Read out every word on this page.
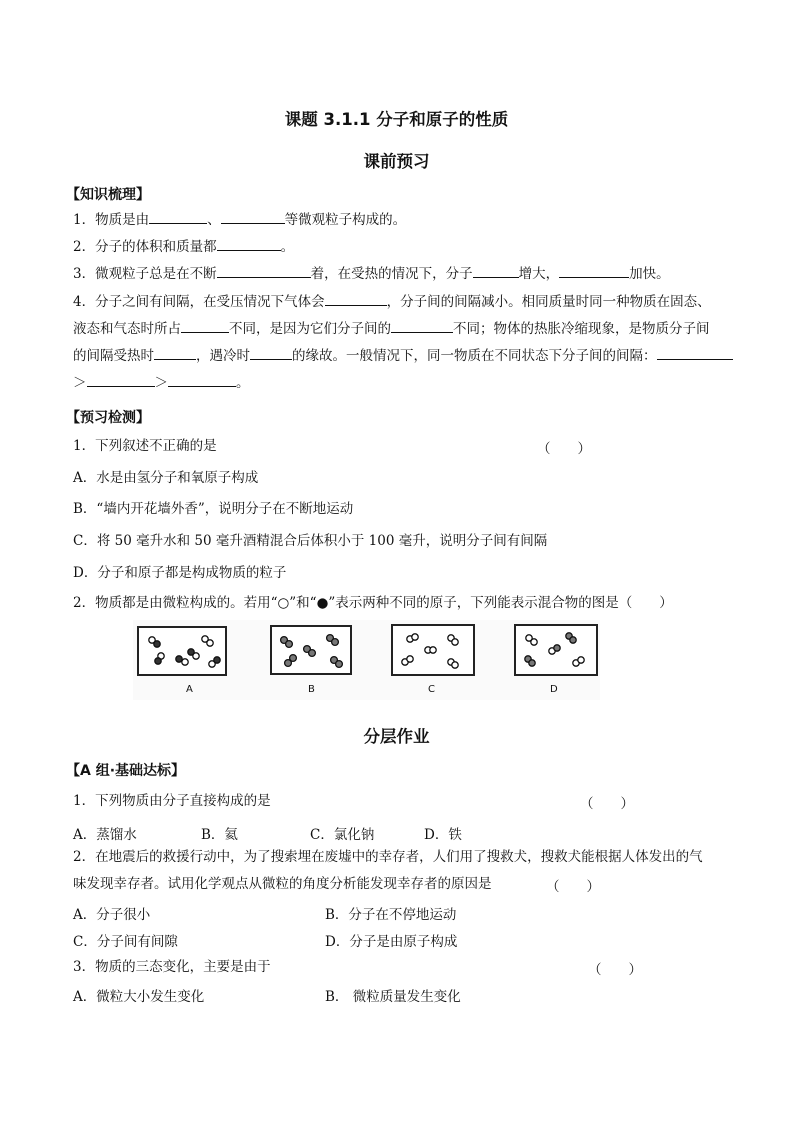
课题 3.1.1 分子和原子的性质
课前预习
【知识梳理】
1．物质是由	、	等微观粒子构成的。
2．分子的体积和质量都	。
3．微观粒子总是在不断	着，在受热的情况下，分子	增大，	加快。
4．分子之间有间隔，在受压情况下气体会	，分子间的间隔减小。相同质量时同一种物质在固态、
液态和气态时所占	不同，是因为它们分子间的	不同；物体的热胀冷缩现象，是物质分子间
的间隔受热时	，遇冷时	的缘故。一般情况下，同一物质在不同状态下分子间的间隔：
＞	＞	。
【预习检测】
1．下列叙述不正确的是	（　　）
A．水是由氢分子和氧原子构成
B．“墙内开花墙外香”，说明分子在不断地运动
C．将 50 毫升水和 50 毫升酒精混合后体积小于 100 毫升，说明分子间有间隔
D．分子和原子都是构成物质的粒子
2．物质都是由微粒构成的。若用“○”和“●”表示两种不同的原子，下列能表示混合物的图是（　　）
A	B	C	D
分层作业
【A 组·基础达标】
1．下列物质由分子直接构成的是	（　　）
A．蒸馏水	B．氦	C．氯化钠	D．铁
2．在地震后的救援行动中，为了搜索埋在废墟中的幸存者，人们用了搜救犬，搜救犬能根据人体发出的气
味发现幸存者。试用化学观点从微粒的角度分析能发现幸存者的原因是	（　　）
A．分子很小	B．分子在不停地运动
C．分子间有间隙	D．分子是由原子构成
3．物质的三态变化，主要是由于	（　　）
A．微粒大小发生变化	B． 微粒质量发生变化
